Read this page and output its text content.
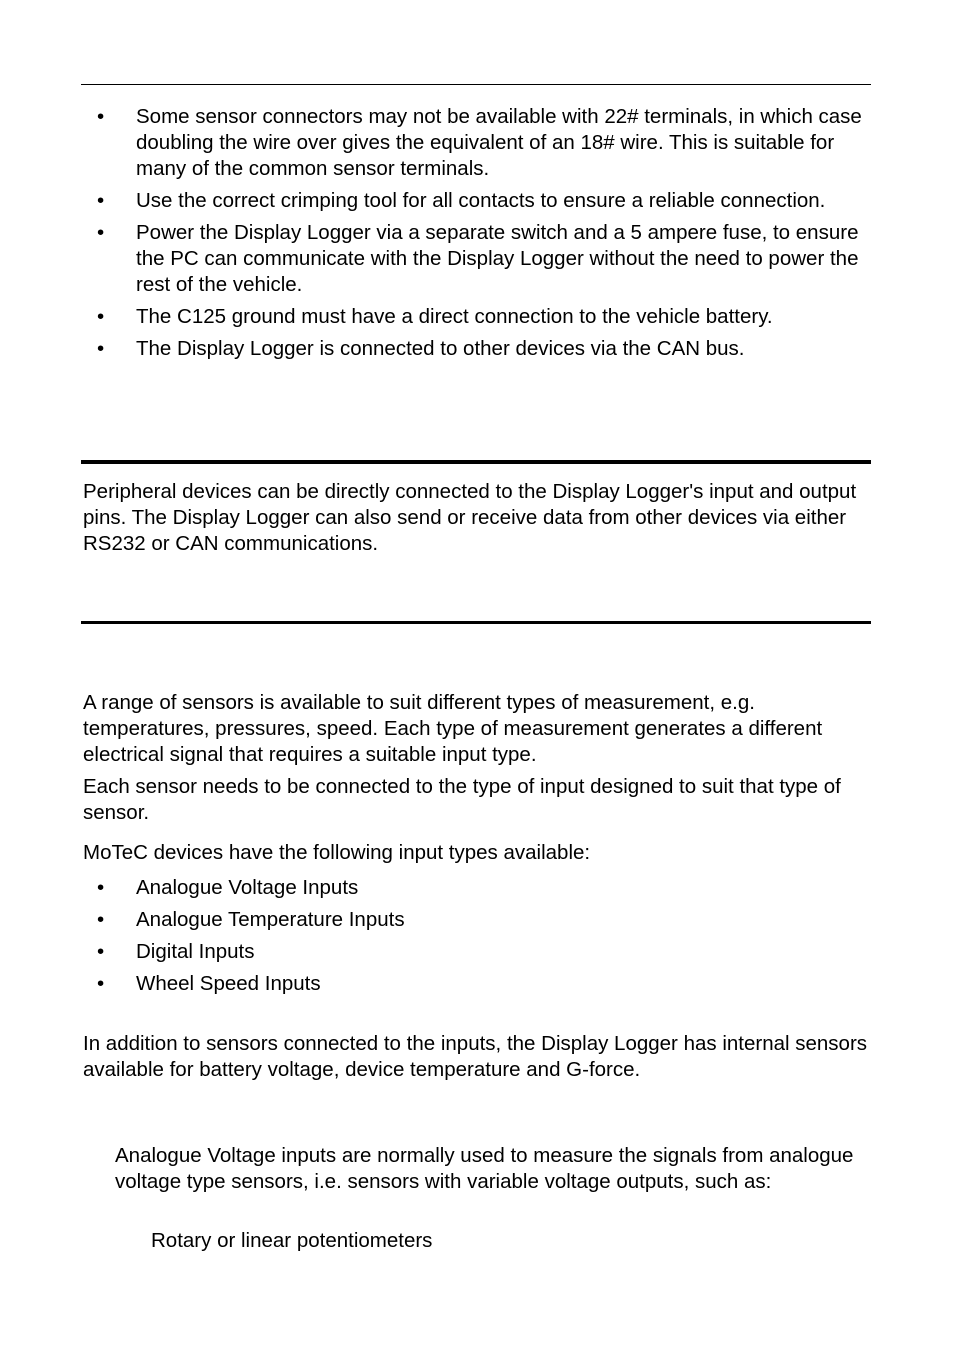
• Some sensor connectors may not be available with 22# terminals, in which case doubling the wire over gives the equivalent of an 18# wire. This is suitable for many of the common sensor terminals.
• Use the correct crimping tool for all contacts to ensure a reliable connection.
• Power the Display Logger via a separate switch and a 5 ampere fuse, to ensure the PC can communicate with the Display Logger without the need to power the rest of the vehicle.
• The C125 ground must have a direct connection to the vehicle battery.
• The Display Logger is connected to other devices via the CAN bus.

Peripheral devices can be directly connected to the Display Logger's input and output pins. The Display Logger can also send or receive data from other devices via either RS232 or CAN communications.

A range of sensors is available to suit different types of measurement, e.g. temperatures, pressures, speed. Each type of measurement generates a different electrical signal that requires a suitable input type.

Each sensor needs to be connected to the type of input designed to suit that type of sensor.

MoTeC devices have the following input types available:

• Analogue Voltage Inputs
• Analogue Temperature Inputs
• Digital Inputs
• Wheel Speed Inputs

In addition to sensors connected to the inputs, the Display Logger has internal sensors available for battery voltage, device temperature and G-force.

Analogue Voltage inputs are normally used to measure the signals from analogue voltage type sensors, i.e. sensors with variable voltage outputs, such as:

Rotary or linear potentiometers
